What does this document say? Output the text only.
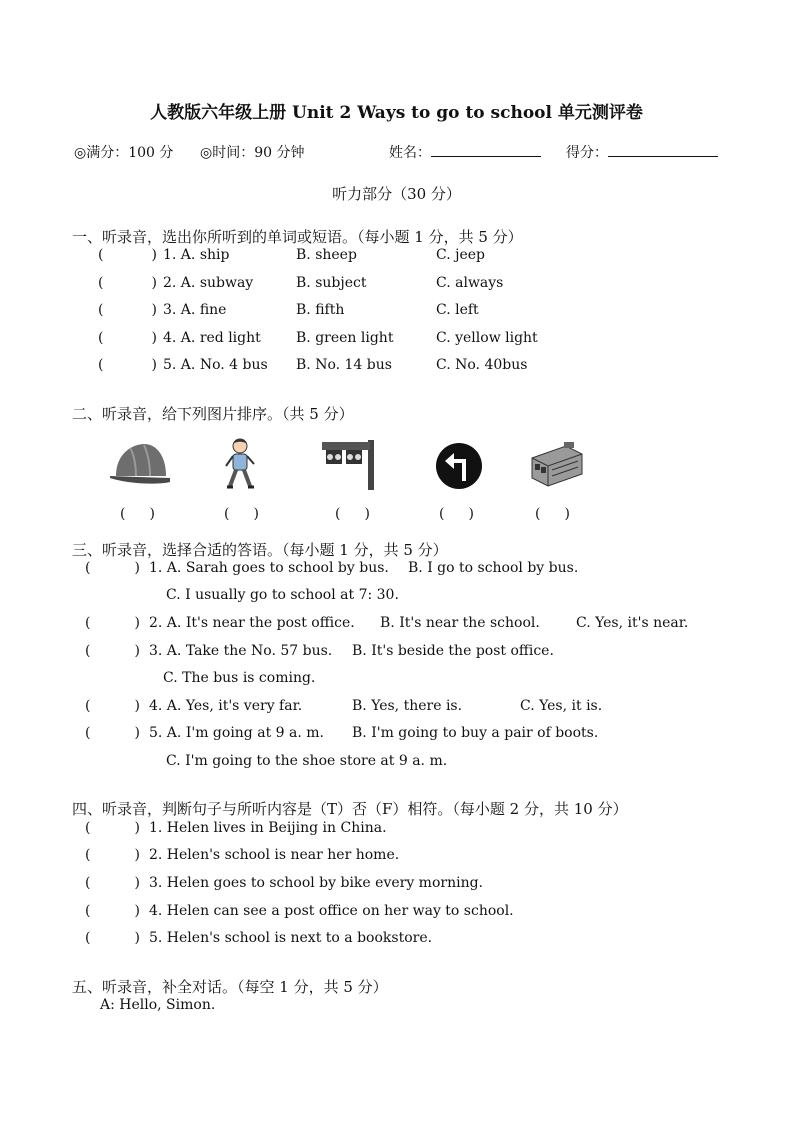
人教版六年级上册 Unit 2 Ways to go to school 单元测评卷
◎满分：100 分 ◎时间：90 分钟	姓名：	得分：
听力部分（30 分）
一、听录音，选出你所听到的单词或短语。（每小题 1 分，共 5 分）
(	) 1. A. ship	B. sheep	C. jeep
(	) 2. A. subway	B. subject	C. always
(	) 3. A. fine	B. fifth	C. left
(	) 4. A. red light	B. green light	C. yellow light
(	) 5. A. No. 4 bus B. No. 14 bus	C. No. 40bus
二、听录音，给下列图片排序。（共 5 分）
( )	( )	( )	( )	( )
三、听录音，选择合适的答语。（每小题 1 分，共 5 分）
(	) 1. A. Sarah goes to school by bus. B. I go to school by bus.
C. I usually go to school at 7: 30.
(	) 2. A. It's near the post office. B. It's near the school.	C. Yes, it's near.
(	) 3. A. Take the No. 57 bus. B. It's beside the post office.
C. The bus is coming.
(	) 4. A. Yes, it's very far.	B. Yes, there is.	C. Yes, it is.
(	) 5. A. I'm going at 9 a. m. B. I'm going to buy a pair of boots.
C. I'm going to the shoe store at 9 a. m.
四、听录音，判断句子与所听内容是（T）否（F）相符。（每小题 2 分，共 10 分）
(	) 1. Helen lives in Beijing in China.
(	) 2. Helen's school is near her home.
(	) 3. Helen goes to school by bike every morning.
(	) 4. Helen can see a post office on her way to school.
(	) 5. Helen's school is next to a bookstore.
五、听录音，补全对话。（每空 1 分，共 5 分）
A: Hello, Simon.
